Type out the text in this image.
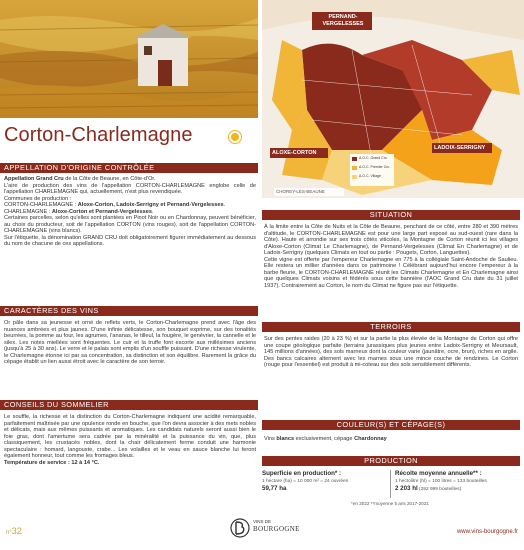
PERNAND-VERGELESSES
ALOXE-CORTON
LADOIX-SERRIGNY
CHOREY-LÈS-BEAUNE
A.O.C. Grand Cru
A.O.C. Premier Cru
A.O.C. Village
Corton-Charlemagne
APPELLATION D'ORIGINE CONTRÔLÉE

Appellation Grand Cru de la Côte de Beaune, en Côte-d'Or.

L'aire de production des vins de l'appellation CORTON-CHARLEMAGNE englobe celle de l'appellation CHARLEMAGNE qui, actuellement, n'est plus revendiquée.

Communes de production :

CORTON-CHARLEMAGNE : Aloxe-Corton, Ladoix-Serrigny et Pernand-Vergelesses.

CHARLEMAGNE : Aloxe-Corton et Pernand-Vergelesses.

Certaines parcelles, selon qu'elles sont plantées en Pinot Noir ou en Chardonnay, peuvent bénéficier, au choix du producteur, soit de l'appellation CORTON (vins rouges), soit de l'appellation CORTON-CHARLEMAGNE (vins blancs).

Sur l'étiquette, la dénomination GRAND CRU doit obligatoirement figurer immédiatement au dessous du nom de chacune de ces appellations.

CARACTÈRES DES VINS
Or pâle dans sa jeunesse et orné de reflets verts, le Corton-Charlemagne prend avec l'âge des nuances ambrées et plus jaunes. D'une infinie délicatesse, son bouquet exprime, sur des tonalités beurrées, la pomme au four, les agrumes, l'ananas, le tilleul, la fougère, le genévrier, la cannelle et le silex. Les notes miellées sont fréquentes. Le cuir et la truffe font escorte aux millésimes anciens (jusqu'à 25 à 30 ans). Le verre et le palais sont emplis d'un souffle puissant. D'une richesse virulente, le Charlemagne étonne ici par sa concentration, sa distinction et son équilibre. Rarement la grâce du cépage établit un lien aussi étroit avec le caractère de son terroir.
CONSEILS DU SOMMELIER

Le souffle, la richesse et la distinction du Corton-Charlemagne indiquent une acidité remarquable, parfaitement maîtrisée par une opulence ronde en bouche, que l'on devra associer à des mets nobles et délicats, mais aux mêmes puissants et aromatiques. Les candidats naturels seront aussi bien le foie gras, dont l'amertume sera cadrée par la minéralité et la puissance du vin, que, plus classiquement, les crustacés nobles, dont la chair délicatement ferme conduit une harmonie spectaculaire : homard, langouste, crabe... Les volailles et le veau en sauce blanche lui feront également honneur, tout comme les fromages bleus.

Température de service : 12 à 14 °C.

SITUATION

À la limite entre la Côte de Nuits et la Côte de Beaune, penchant de ce côté, entre 280 et 390 mètres d'altitude, le CORTON-CHARLEMAGNE est pour une large part exposé au sud-ouest (rare dans la Côte). Haute et arrondie sur ses trois côtés viticoles, la Montagne de Corton réunit ici les villages d'Aloxe-Corton (Climat Le Charlemagne), de Pernand-Vergelesses (Climat En Charlemagne) et de Ladoix-Serrigny (quelques Climats en tout ou partie : Pougets, Corton, Languettes).

Cette vigne est offerte par l'empereur Charlemagne en 775 à la collégiale Saint-Andoche de Saulieu. Elle restera un millier d'années dans ce patrimoine ! Célébrant aujourd'hui encore l'empereur à la barbe fleurie, le CORTON-CHARLEMAGNE réunit les Climats Charlemagne et En Charlemagne ainsi que quelques Climats voisins et fédérés sous cette bannière (l'AOC Grand Cru date du 31 juillet 1937). Contrairement au Corton, le nom du Climat ne figure pas sur l'étiquette.

TERROIRS
Sur des pentes raides (20 à 23 %) et sur la partie la plus élevée de la Montagne de Corton qui offre une coupe géologique parfaite (terrains jurassiques plus jeunes entre Ladoix-Serrigny et Meursault, 145 millions d'années), des sols marneux dont la couleur varie (jaunâtre, ocre, brun), riches en argile. Des bancs calcaires alternent avec les marnes sous une mince couche de rendzines. Le Corton (rouge pour l'essentiel) est produit à mi-coteau sur des sols sensiblement différents.
COULEUR(S) ET CÉPAGE(S)
Vins blancs exclusivement, cépage Chardonnay
PRODUCTION
Superficie en production* :
1 hectare (ha) = 10 000 m² = 24 ouvrées
59,77 ha
Récolte moyenne annuelle** :
1 hectolitre (hl) = 100 litres = 133 bouteilles
2 203 hl (292 999 bouteilles)
*en 2022 **moyenne 5 ans 2017-2021
n°32
VINS DE
BOURGOGNE	www.vins-bourgogne.fr
